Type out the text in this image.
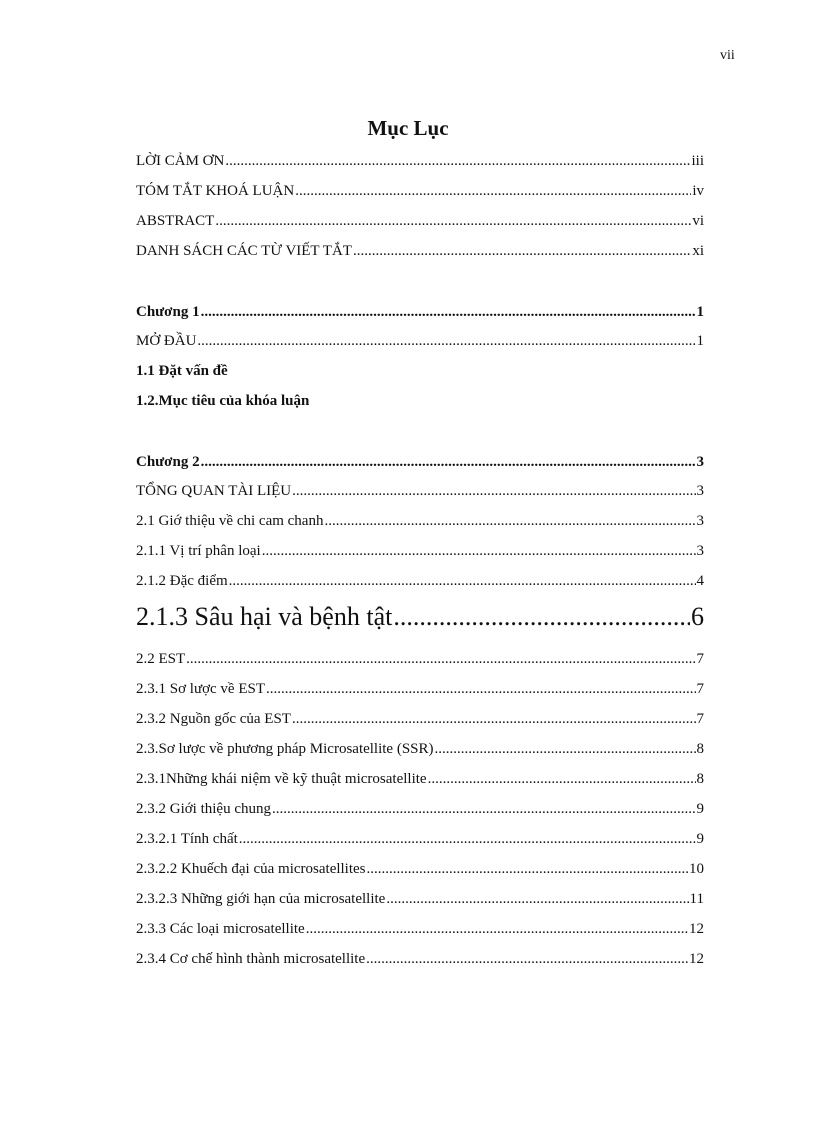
vii
Mục Lục
LỜI CẢM ƠN .....	iii
TÓM TẮT KHOÁ LUẬN .....	iv
ABSTRACT .....	vi
DANH SÁCH CÁC TỪ VIẾT TẮT .....	xi
Chương 1 .....	1
MỞ ĐẦU .....	1
1.1 Đặt vấn đề
1.2.Mục tiêu của khóa luận
Chương 2 .....	3
TỔNG QUAN TÀI LIỆU .....	3
2.1 Giớ thiệu về chi cam chanh .....	3
2.1.1 Vị trí phân loại .....	3
2.1.2 Đặc điểm .....	4
2.1.3 Sâu hại và bệnh tật .....	6
2.2 EST .....	7
2.3.1 Sơ lược về EST .....	7
2.3.2 Nguồn gốc của EST .....	7
2.3.Sơ lược về phương pháp Microsatellite (SSR) .....	8
2.3.1Những khái niệm về kỹ thuật microsatellite .....	8
2.3.2 Giới thiệu chung .....	9
2.3.2.1 Tính chất .....	9
2.3.2.2 Khuếch đại của microsatellites .....	10
2.3.2.3 Những giới hạn của microsatellite .....	11
2.3.3 Các loại microsatellite .....	12
2.3.4 Cơ chế hình thành microsatellite .....	12
